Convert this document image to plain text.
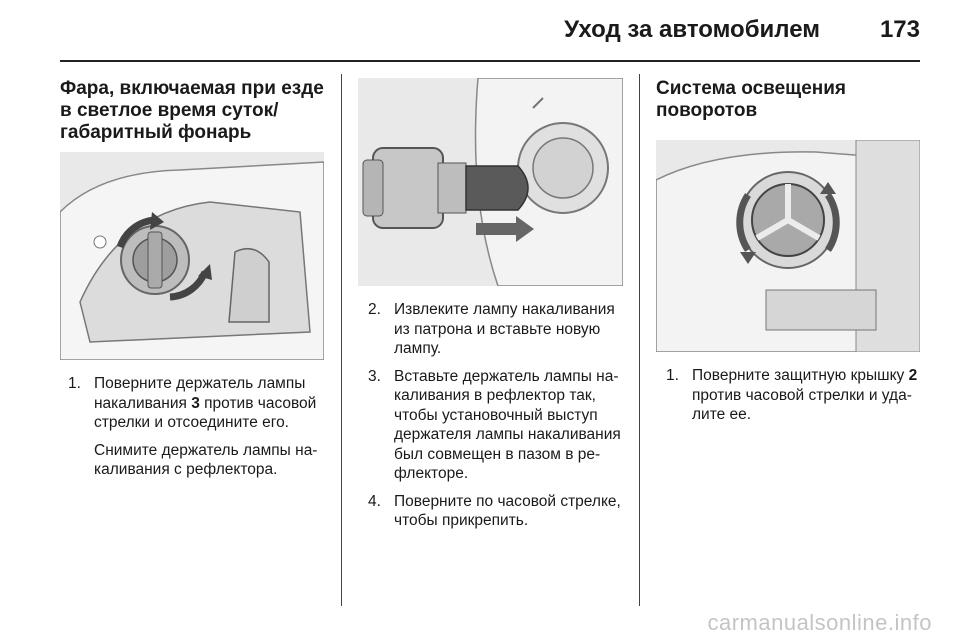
Уход за автомобилем 173
Фара, включаемая при езде
в светлое время суток/
габаритный фонарь
1. Поверните держатель лампы
накаливания 3 против часовой
стрелки и отсоедините его.
Снимите держатель лампы на-
каливания с рефлектора.
2. Извлеките лампу накаливания
из патрона и вставьте новую
лампу.
3. Вставьте держатель лампы на-
каливания в рефлектор так,
чтобы установочный выступ
держателя лампы накаливания
был совмещен в пазом в ре-
флекторе.
4. Поверните по часовой стрелке,
чтобы прикрепить.
Система освещения
поворотов
1. Поверните защитную крышку 2
против часовой стрелки и уда-
лите ее.
carmanualsonline.info
